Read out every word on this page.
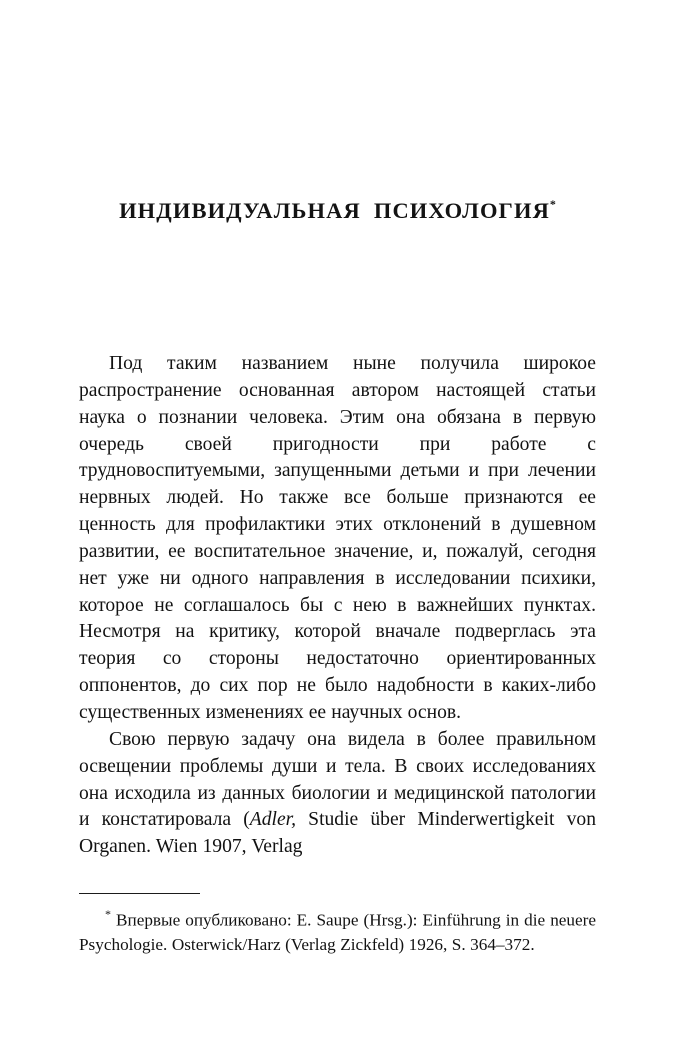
ИНДИВИДУАЛЬНАЯ ПСИХОЛОГИЯ*

Под таким названием ныне получила широкое распространение основанная автором настоящей статьи наука о познании человека. Этим она обязана в первую очередь своей пригодности при работе с трудновоспитуемыми, запущенными детьми и при лечении нервных людей. Но также все больше признаются ее ценность для профилактики этих отклонений в душевном развитии, ее воспитательное значение, и, пожалуй, сегодня нет уже ни одного направления в исследовании психики, которое не соглашалось бы с нею в важнейших пунктах. Несмотря на критику, которой вначале подверглась эта теория со стороны недостаточно ориентированных оппонентов, до сих пор не было надобности в каких-либо существенных изменениях ее научных основ.

Свою первую задачу она видела в более правильном освещении проблемы души и тела. В своих исследованиях она исходила из данных биологии и медицинской патологии и констатировала (Adler, Studie über Minderwertigkeit von Organen. Wien 1907, Verlag

* Впервые опубликовано: E. Saupe (Hrsg.): Einführung in die neuere Psychologie. Osterwick/Harz (Verlag Zickfeld) 1926, S. 364–372.
